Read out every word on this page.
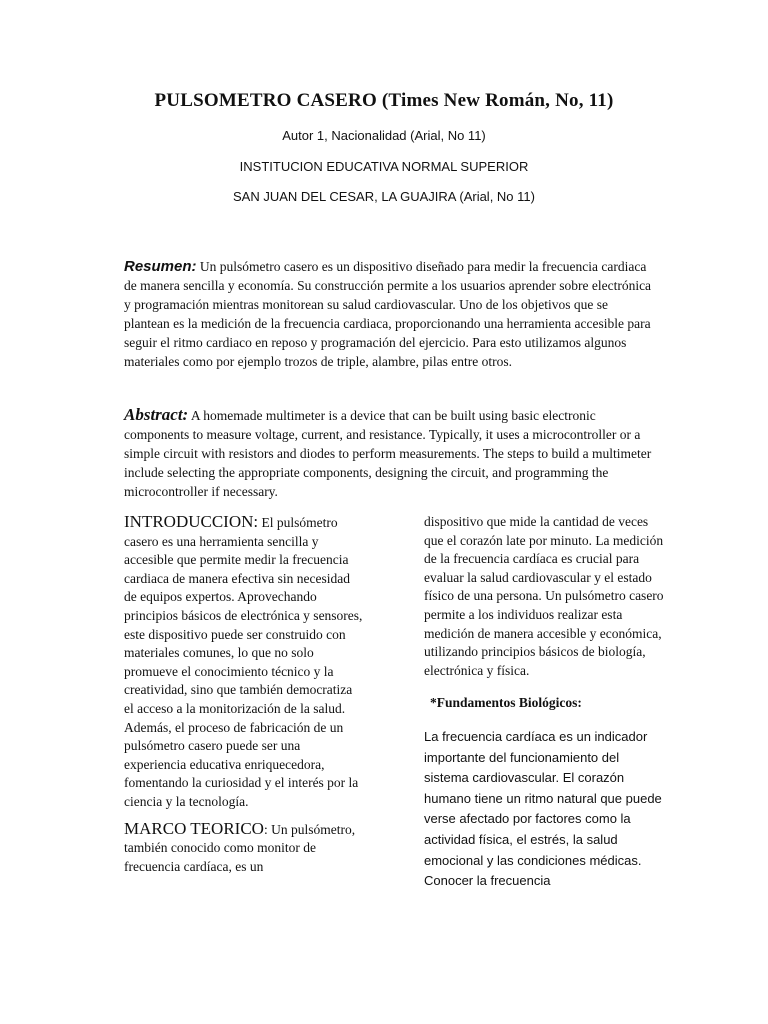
PULSOMETRO CASERO (Times New Román, No, 11)
Autor 1, Nacionalidad (Arial, No 11)
INSTITUCION EDUCATIVA NORMAL SUPERIOR
SAN JUAN DEL CESAR, LA GUAJIRA (Arial, No 11)
Resumen: Un pulsómetro casero es un dispositivo diseñado para medir la frecuencia cardiaca de manera sencilla y economía. Su construcción permite a los usuarios aprender sobre electrónica y programación mientras monitorean su salud cardiovascular. Uno de los objetivos que se plantean es la medición de la frecuencia cardiaca, proporcionando una herramienta accesible para seguir el ritmo cardiaco en reposo y programación del ejercicio. Para esto utilizamos algunos materiales como por ejemplo trozos de triple, alambre, pilas entre otros.
Abstract: A homemade multimeter is a device that can be built using basic electronic components to measure voltage, current, and resistance. Typically, it uses a microcontroller or a simple circuit with resistors and diodes to perform measurements. The steps to build a multimeter include selecting the appropriate components, designing the circuit, and programming the microcontroller if necessary.
INTRODUCCION: El pulsómetro casero es una herramienta sencilla y accesible que permite medir la frecuencia cardiaca de manera efectiva sin necesidad de equipos expertos. Aprovechando principios básicos de electrónica y sensores, este dispositivo puede ser construido con materiales comunes, lo que no solo promueve el conocimiento técnico y la creatividad, sino que también democratiza el acceso a la monitorización de la salud. Además, el proceso de fabricación de un pulsómetro casero puede ser una experiencia educativa enriquecedora, fomentando la curiosidad y el interés por la ciencia y la tecnología.
MARCO TEORICO: Un pulsómetro, también conocido como monitor de frecuencia cardíaca, es un
dispositivo que mide la cantidad de veces que el corazón late por minuto. La medición de la frecuencia cardíaca es crucial para evaluar la salud cardiovascular y el estado físico de una persona. Un pulsómetro casero permite a los individuos realizar esta medición de manera accesible y económica, utilizando principios básicos de biología, electrónica y física.
*Fundamentos Biológicos:
La frecuencia cardíaca es un indicador importante del funcionamiento del sistema cardiovascular. El corazón humano tiene un ritmo natural que puede verse afectado por factores como la actividad física, el estrés, la salud emocional y las condiciones médicas. Conocer la frecuencia
